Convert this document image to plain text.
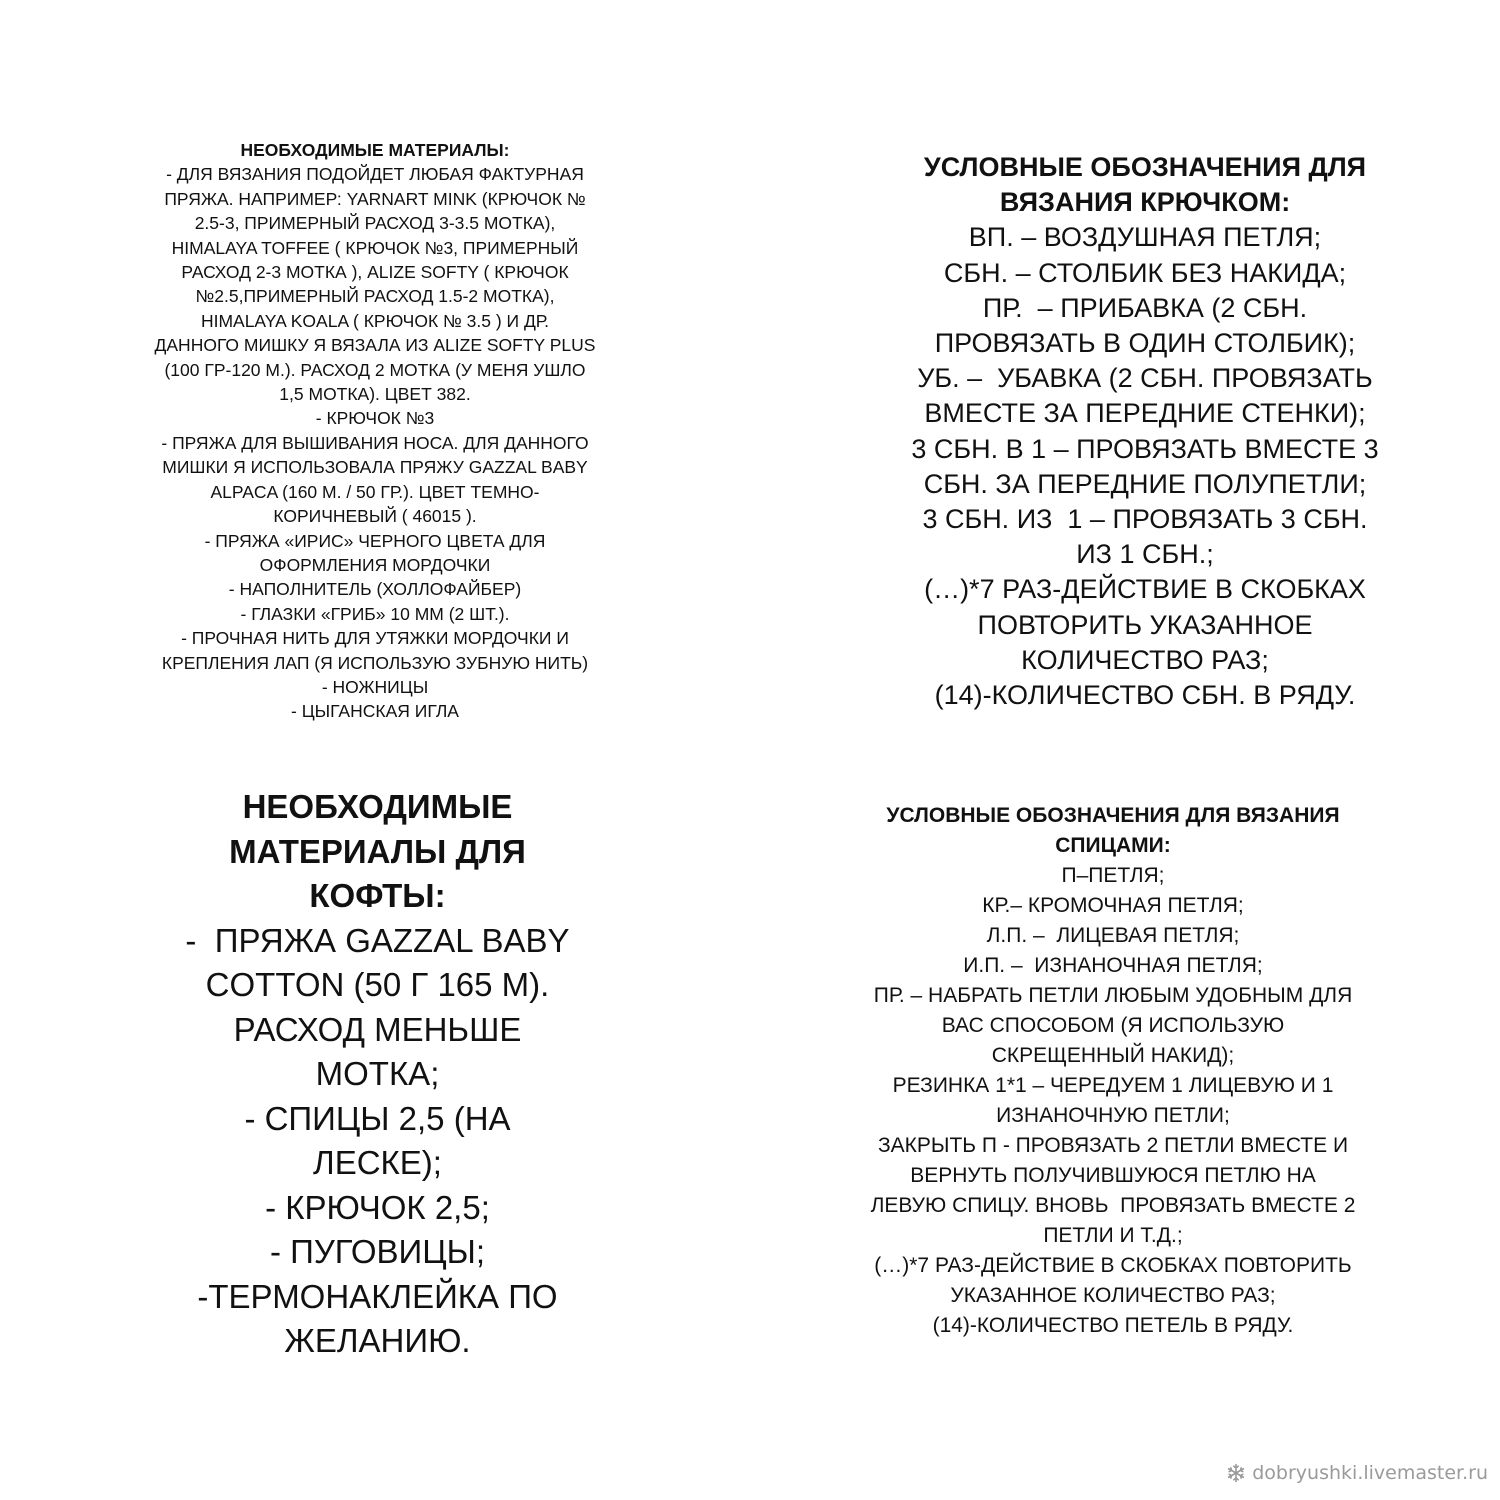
НЕОБХОДИМЫЕ МАТЕРИАЛЫ:
- ДЛЯ ВЯЗАНИЯ ПОДОЙДЕТ ЛЮБАЯ ФАКТУРНАЯ
ПРЯЖА. НАПРИМЕР: YARNART MINK (КРЮЧОК №
2.5-3, ПРИМЕРНЫЙ РАСХОД 3-3.5 МОТКА),
HIMALAYA TOFFEE ( КРЮЧОК №3, ПРИМЕРНЫЙ
РАСХОД 2-3 МОТКА ), ALIZE SOFTY ( КРЮЧОК
№2.5,ПРИМЕРНЫЙ РАСХОД 1.5-2 МОТКА),
HIMALAYA KOALA ( КРЮЧОК № 3.5 ) И ДР.
ДАННОГО МИШКУ Я ВЯЗАЛА ИЗ ALIZE SOFTY PLUS
(100 ГР-120 М.). РАСХОД 2 МОТКА (У МЕНЯ УШЛО
1,5 МОТКА). ЦВЕТ 382.
- КРЮЧОК №3
- ПРЯЖА ДЛЯ ВЫШИВАНИЯ НОСА. ДЛЯ ДАННОГО
МИШКИ Я ИСПОЛЬЗОВАЛА ПРЯЖУ GAZZAL BABY
ALPACA (160 М. / 50 ГР.). ЦВЕТ ТЕМНО-
КОРИЧНЕВЫЙ ( 46015 ).
- ПРЯЖА «ИРИС» ЧЕРНОГО ЦВЕТА ДЛЯ
ОФОРМЛЕНИЯ МОРДОЧКИ
- НАПОЛНИТЕЛЬ (ХОЛЛОФАЙБЕР)
- ГЛАЗКИ «ГРИБ» 10 ММ (2 ШТ.).
- ПРОЧНАЯ НИТЬ ДЛЯ УТЯЖКИ МОРДОЧКИ И
КРЕПЛЕНИЯ ЛАП (Я ИСПОЛЬЗУЮ ЗУБНУЮ НИТЬ)
- НОЖНИЦЫ
- ЦЫГАНСКАЯ ИГЛА
УСЛОВНЫЕ ОБОЗНАЧЕНИЯ ДЛЯ
ВЯЗАНИЯ КРЮЧКОМ:
ВП. – ВОЗДУШНАЯ ПЕТЛЯ;
СБН. – СТОЛБИК БЕЗ НАКИДА;
ПР.  – ПРИБАВКА (2 СБН.
ПРОВЯЗАТЬ В ОДИН СТОЛБИК);
УБ. –  УБАВКА (2 СБН. ПРОВЯЗАТЬ
ВМЕСТЕ ЗА ПЕРЕДНИЕ СТЕНКИ);
3 СБН. В 1 – ПРОВЯЗАТЬ ВМЕСТЕ 3
СБН. ЗА ПЕРЕДНИЕ ПОЛУПЕТЛИ;
3 СБН. ИЗ  1 – ПРОВЯЗАТЬ 3 СБН.
ИЗ 1 СБН.;
(…)*7 РАЗ-ДЕЙСТВИЕ В СКОБКАХ
ПОВТОРИТЬ УКАЗАННОЕ
КОЛИЧЕСТВО РАЗ;
(14)-КОЛИЧЕСТВО СБН. В РЯДУ.
НЕОБХОДИМЫЕ
МАТЕРИАЛЫ ДЛЯ
КОФТЫ:
-  ПРЯЖА GAZZAL BABY
COTTON (50 Г 165 М).
РАСХОД МЕНЬШЕ
МОТКА;
- СПИЦЫ 2,5 (НА
ЛЕСКЕ);
- КРЮЧОК 2,5;
- ПУГОВИЦЫ;
-ТЕРМОНАКЛЕЙКА ПО
ЖЕЛАНИЮ.
УСЛОВНЫЕ ОБОЗНАЧЕНИЯ ДЛЯ ВЯЗАНИЯ
СПИЦАМИ:
П–ПЕТЛЯ;
КР.– КРОМОЧНАЯ ПЕТЛЯ;
Л.П. –  ЛИЦЕВАЯ ПЕТЛЯ;
И.П. –  ИЗНАНОЧНАЯ ПЕТЛЯ;
ПР. – НАБРАТЬ ПЕТЛИ ЛЮБЫМ УДОБНЫМ ДЛЯ
ВАС СПОСОБОМ (Я ИСПОЛЬЗУЮ
СКРЕЩЕННЫЙ НАКИД);
РЕЗИНКА 1*1 – ЧЕРЕДУЕМ 1 ЛИЦЕВУЮ И 1
ИЗНАНОЧНУЮ ПЕТЛИ;
ЗАКРЫТЬ П - ПРОВЯЗАТЬ 2 ПЕТЛИ ВМЕСТЕ И
ВЕРНУТЬ ПОЛУЧИВШУЮСЯ ПЕТЛЮ НА
ЛЕВУЮ СПИЦУ. ВНОВЬ  ПРОВЯЗАТЬ ВМЕСТЕ 2
ПЕТЛИ И Т.Д.;
(…)*7 РАЗ-ДЕЙСТВИЕ В СКОБКАХ ПОВТОРИТЬ
УКАЗАННОЕ КОЛИЧЕСТВО РАЗ;
(14)-КОЛИЧЕСТВО ПЕТЕЛЬ В РЯДУ.
dobryushki.livemaster.ru
